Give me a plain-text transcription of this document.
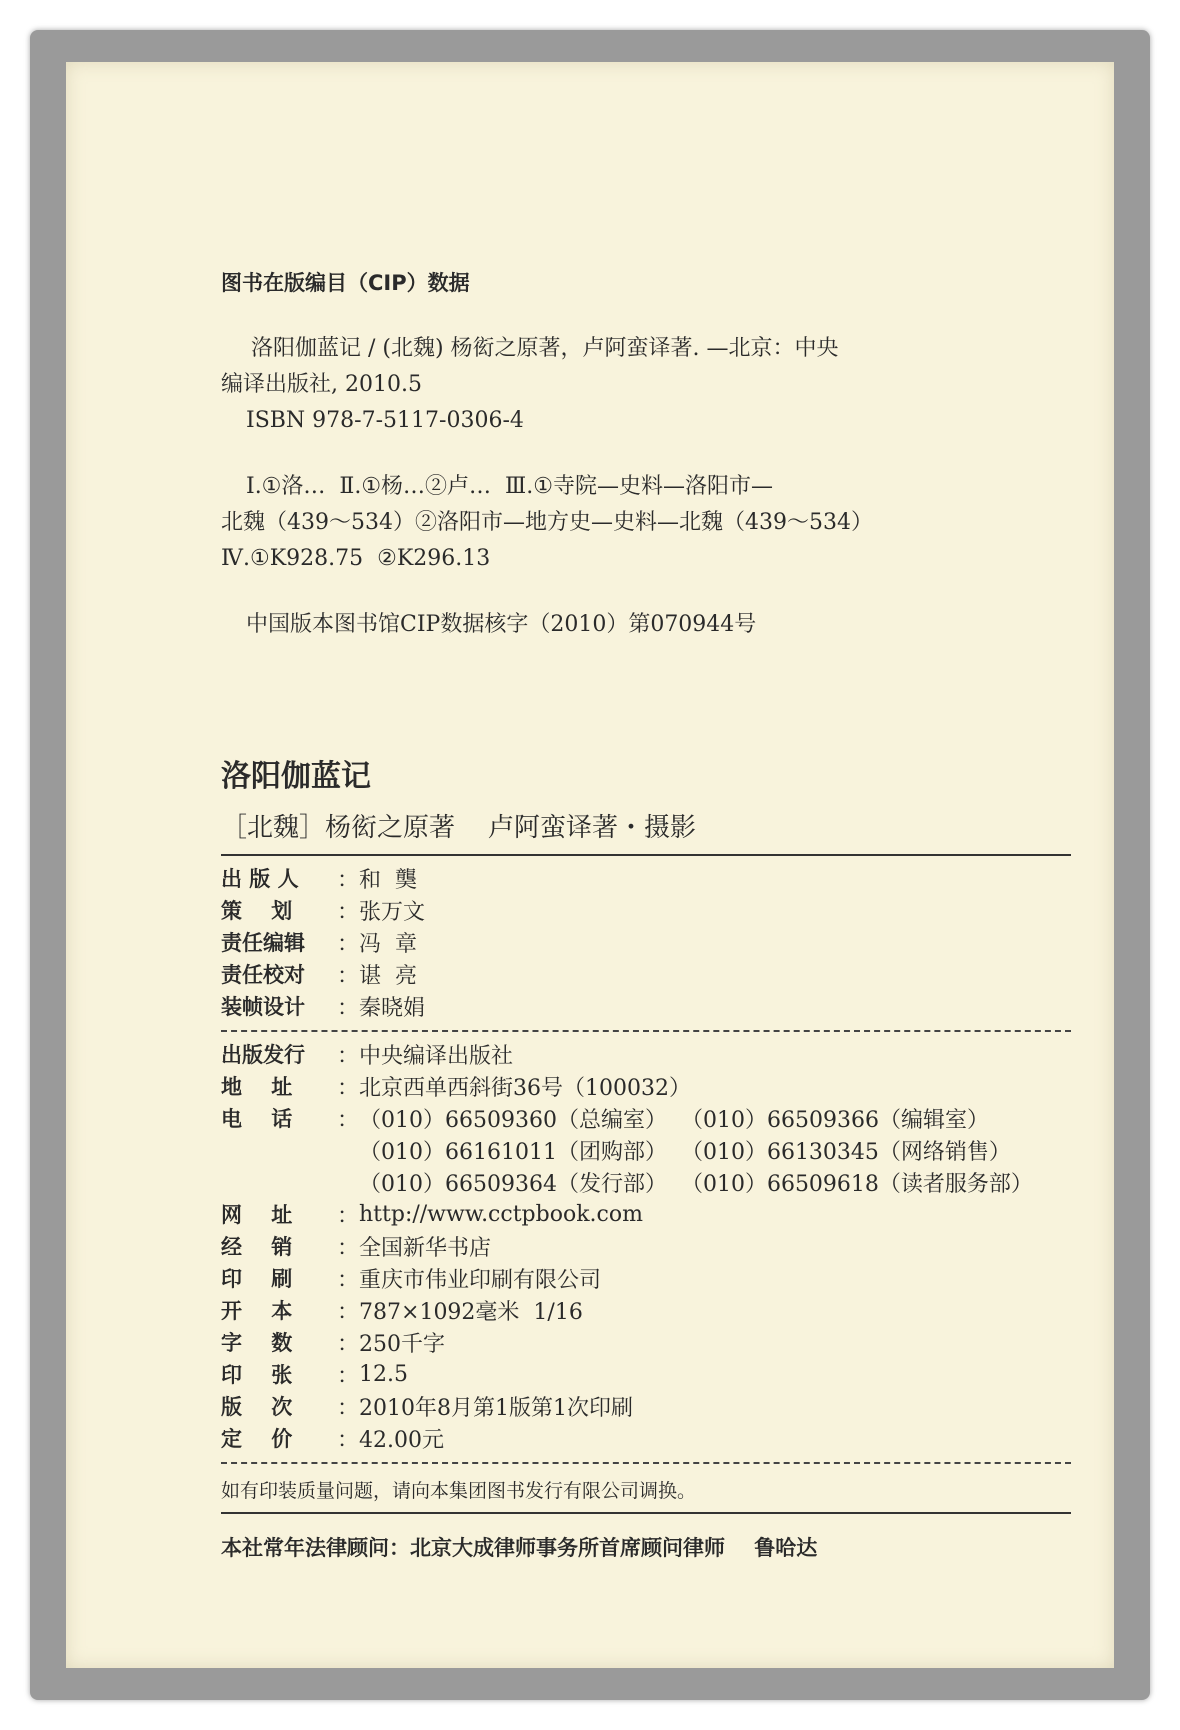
图书在版编目（CIP）数据

洛阳伽蓝记 / (北魏) 杨衒之原著，卢阿蛮译著. —北京：中央

编译出版社, 2010.5

ISBN 978-7-5117-0306-4

Ⅰ.①洛…  Ⅱ.①杨…②卢…  Ⅲ.①寺院—史料—洛阳市—

北魏（439～534）②洛阳市—地方史—史料—北魏（439～534）

Ⅳ.①K928.75  ②K296.13

中国版本图书馆CIP数据核字（2010）第070944号

洛阳伽蓝记

［北魏］杨衒之原著    卢阿蛮译著・摄影
出 版 人	： 和  龑
策    划	： 张万文
责任编辑	： 冯  章
责任校对	： 谌  亮
装帧设计	： 秦晓娟
出版发行	： 中央编译出版社
地    址	： 北京西单西斜街36号（100032）
电    话	： （010）66509360（总编室）  （010）66509366（编辑室）
（010）66161011（团购部）  （010）66130345（网络销售）
（010）66509364（发行部）  （010）66509618（读者服务部）
网    址	： http://www.cctpbook.com
经    销	： 全国新华书店
印    刷	： 重庆市伟业印刷有限公司
开    本	： 787×1092毫米  1/16
字    数	： 250千字
印    张	： 12.5
版    次	： 2010年8月第1版第1次印刷
定    价	： 42.00元
如有印装质量问题，请向本集团图书发行有限公司调换。
本社常年法律顾问：北京大成律师事务所首席顾问律师    鲁哈达
